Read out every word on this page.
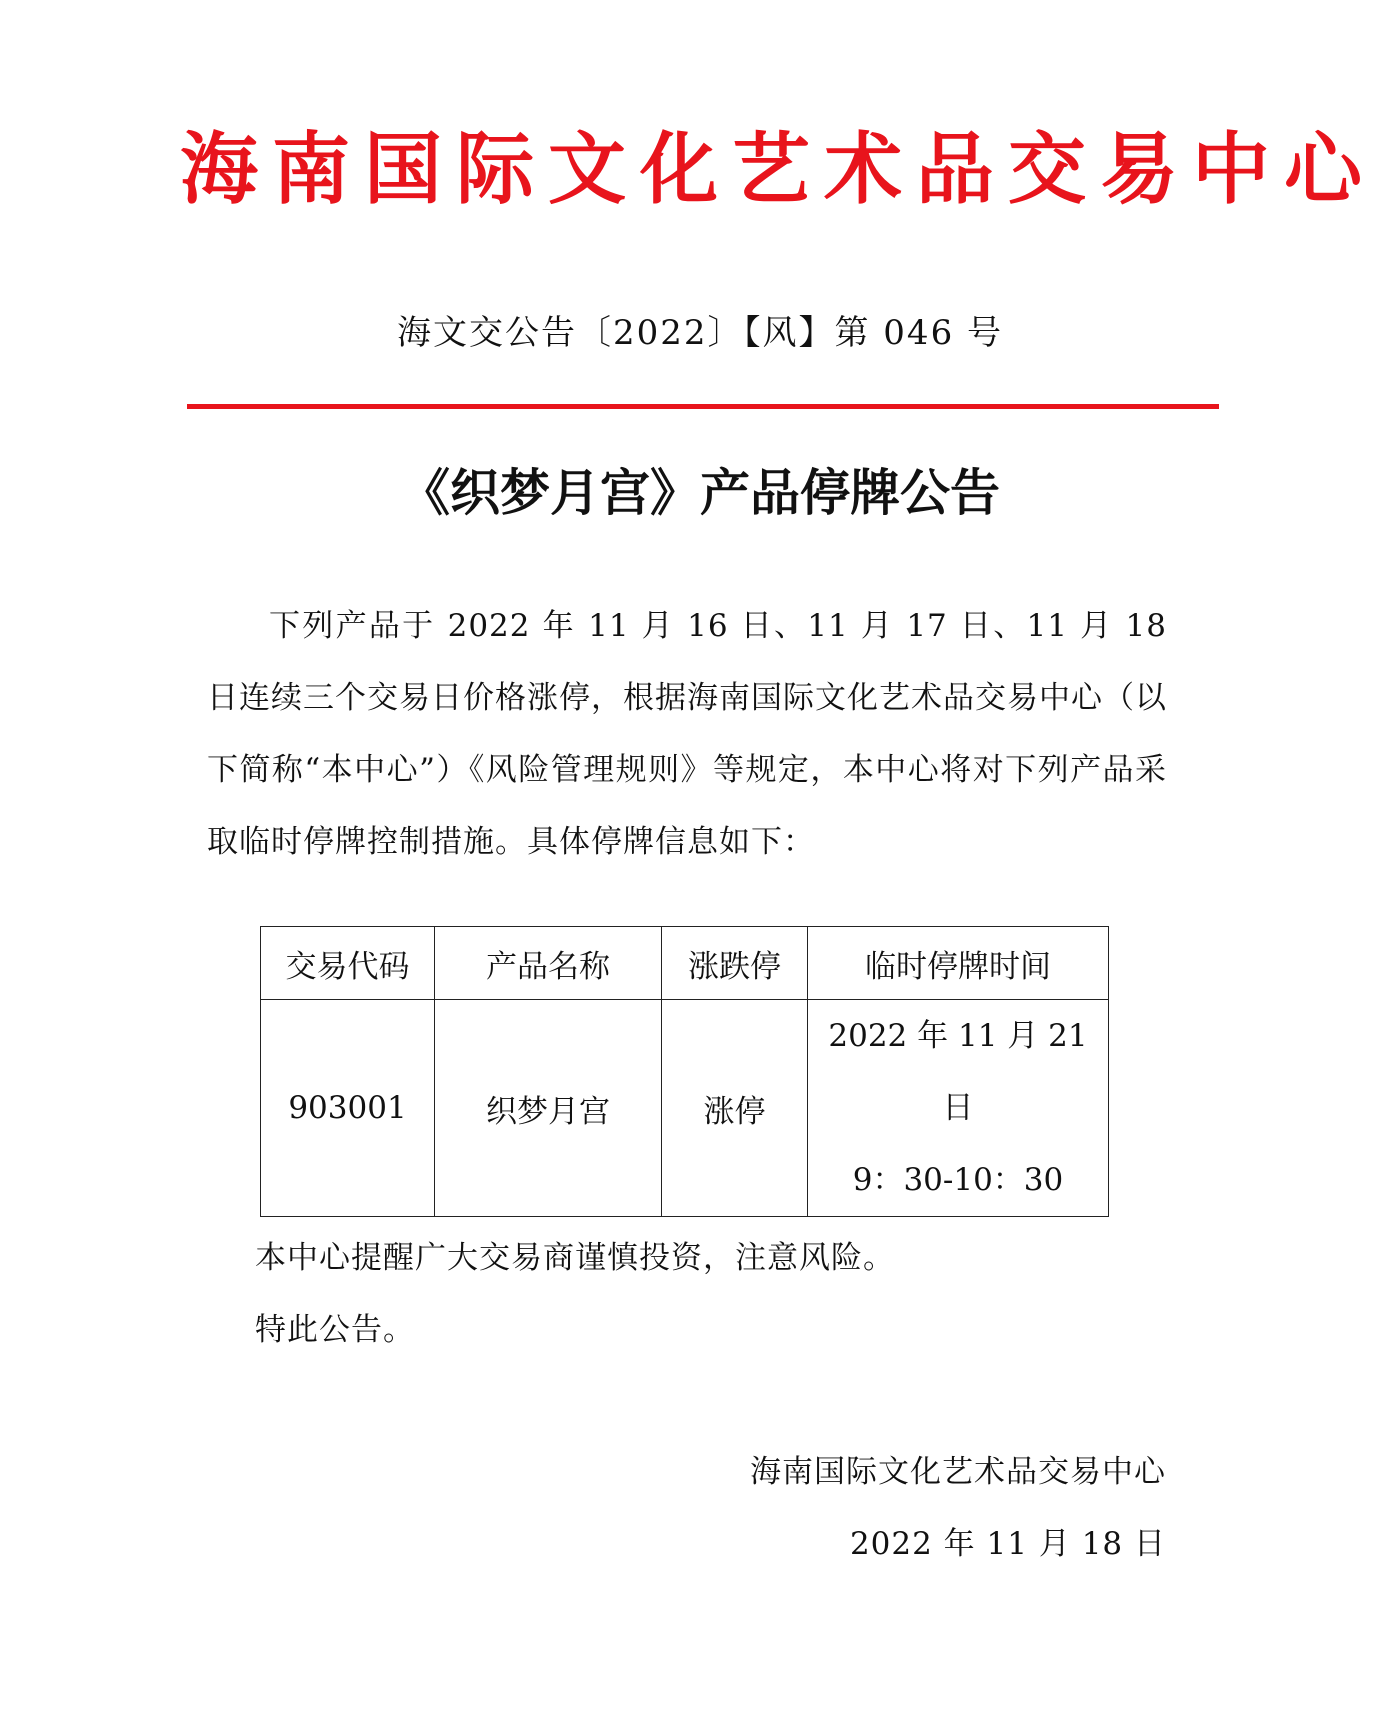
海南国际文化艺术品交易中心
海文交公告〔2022〕【风】第 046 号
《织梦月宫》产品停牌公告
下列产品于 2022 年 11 月 16 日、11 月 17 日、11 月 18 日连续三个交易日价格涨停，根据海南国际文化艺术品交易中心（以下简称“本中心”）《风险管理规则》等规定，本中心将对下列产品采取临时停牌控制措施。具体停牌信息如下：
交易代码	产品名称	涨跌停	临时停牌时间
903001	织梦月宫	涨停	2022 年 11 月 21 日
9：30-10：30
本中心提醒广大交易商谨慎投资，注意风险。
特此公告。
海南国际文化艺术品交易中心
2022 年 11 月 18 日
